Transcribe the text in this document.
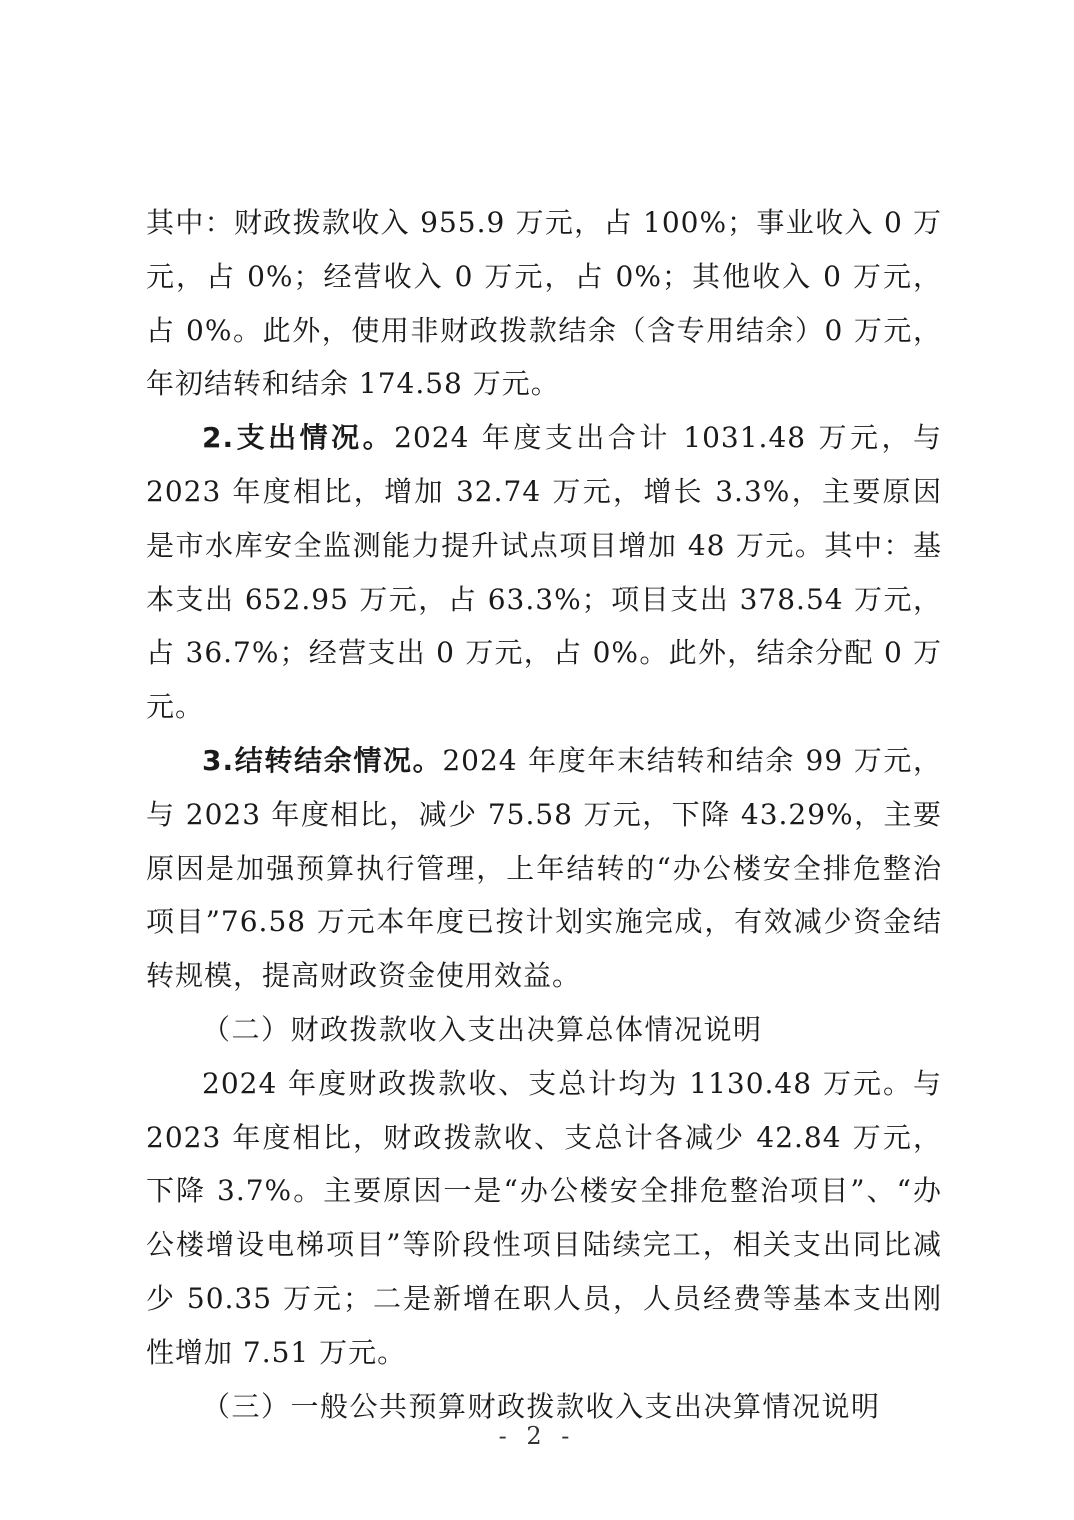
其中：财政拨款收入 955.9 万元，占 100%；事业收入 0 万元，占 0%；经营收入 0 万元，占 0%；其他收入 0 万元，占 0%。此外，使用非财政拨款结余（含专用结余）0 万元，年初结转和结余 174.58 万元。

2.支出情况。2024 年度支出合计 1031.48 万元，与 2023 年度相比，增加 32.74 万元，增长 3.3%，主要原因是市水库安全监测能力提升试点项目增加 48 万元。其中：基本支出 652.95 万元，占 63.3%；项目支出 378.54 万元，占 36.7%；经营支出 0 万元，占 0%。此外，结余分配 0 万元。

3.结转结余情况。2024 年度年末结转和结余 99 万元，与 2023 年度相比，减少 75.58 万元，下降 43.29%，主要原因是加强预算执行管理，上年结转的“办公楼安全排危整治项目”76.58 万元本年度已按计划实施完成，有效减少资金结转规模，提高财政资金使用效益。

（二）财政拨款收入支出决算总体情况说明

2024 年度财政拨款收、支总计均为 1130.48 万元。与 2023 年度相比，财政拨款收、支总计各减少 42.84 万元，下降 3.7%。主要原因一是“办公楼安全排危整治项目”、“办公楼增设电梯项目”等阶段性项目陆续完工，相关支出同比减少 50.35 万元；二是新增在职人员，人员经费等基本支出刚性增加 7.51 万元。

（三）一般公共预算财政拨款收入支出决算情况说明

- 2 -
